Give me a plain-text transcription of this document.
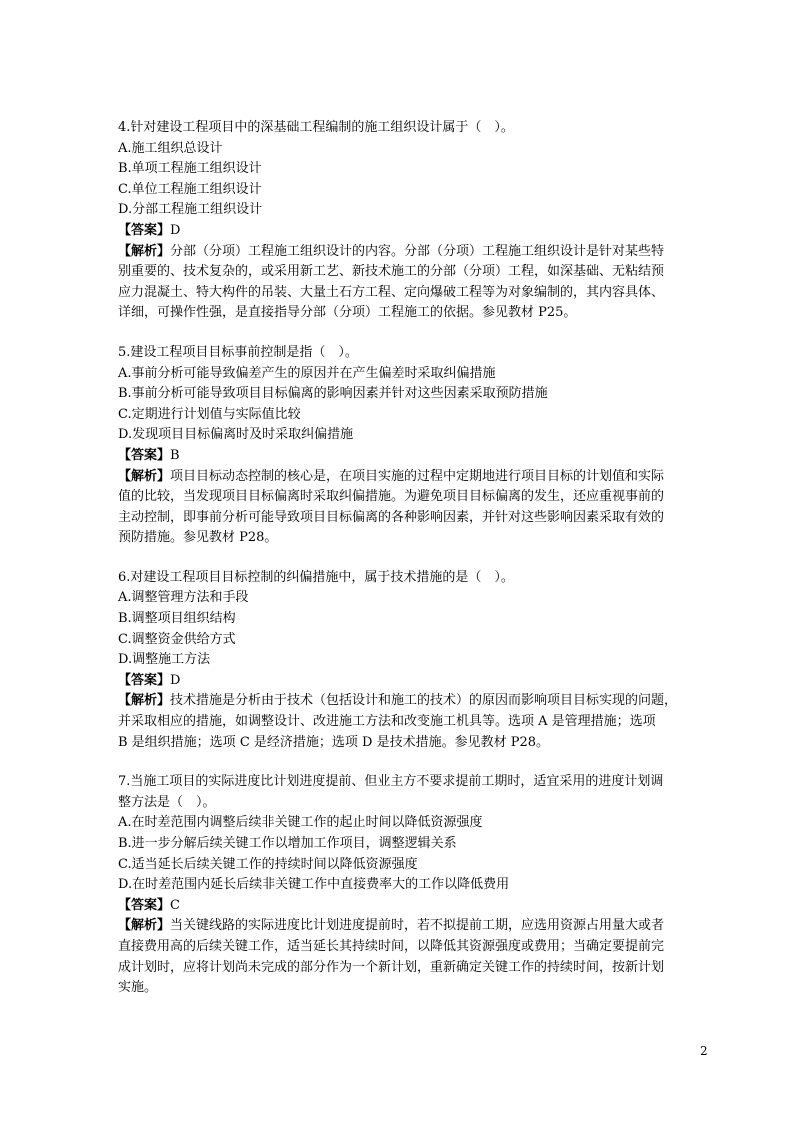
4.针对建设工程项目中的深基础工程编制的施工组织设计属于（　）。

A.施工组织总设计

B.单项工程施工组织设计

C.单位工程施工组织设计

D.分部工程施工组织设计

【答案】D

【解析】分部（分项）工程施工组织设计的内容。分部（分项）工程施工组织设计是针对某些特

别重要的、技术复杂的，或采用新工艺、新技术施工的分部（分项）工程，如深基础、无粘结预

应力混凝土、特大构件的吊装、大量土石方工程、定向爆破工程等为对象编制的，其内容具体、

详细，可操作性强，是直接指导分部（分项）工程施工的依据。参见教材 P25。

5.建设工程项目目标事前控制是指（　）。

A.事前分析可能导致偏差产生的原因并在产生偏差时采取纠偏措施

B.事前分析可能导致项目目标偏离的影响因素并针对这些因素采取预防措施

C.定期进行计划值与实际值比较

D.发现项目目标偏离时及时采取纠偏措施

【答案】B

【解析】项目目标动态控制的核心是，在项目实施的过程中定期地进行项目目标的计划值和实际

值的比较，当发现项目目标偏离时采取纠偏措施。为避免项目目标偏离的发生，还应重视事前的

主动控制，即事前分析可能导致项目目标偏离的各种影响因素，并针对这些影响因素采取有效的

预防措施。参见教材 P28。

6.对建设工程项目目标控制的纠偏措施中，属于技术措施的是（　）。

A.调整管理方法和手段

B.调整项目组织结构

C.调整资金供给方式

D.调整施工方法

【答案】D

【解析】技术措施是分析由于技术（包括设计和施工的技术）的原因而影响项目目标实现的问题，

并采取相应的措施，如调整设计、改进施工方法和改变施工机具等。选项 A 是管理措施；选项

B 是组织措施；选项 C 是经济措施；选项 D 是技术措施。参见教材 P28。

7.当施工项目的实际进度比计划进度提前、但业主方不要求提前工期时，适宜采用的进度计划调

整方法是（　）。

A.在时差范围内调整后续非关键工作的起止时间以降低资源强度

B.进一步分解后续关键工作以增加工作项目，调整逻辑关系

C.适当延长后续关键工作的持续时间以降低资源强度

D.在时差范围内延长后续非关键工作中直接费率大的工作以降低费用

【答案】C

【解析】当关键线路的实际进度比计划进度提前时，若不拟提前工期，应选用资源占用量大或者

直接费用高的后续关键工作，适当延长其持续时间，以降低其资源强度或费用；当确定要提前完

成计划时，应将计划尚未完成的部分作为一个新计划，重新确定关键工作的持续时间，按新计划

实施。

2
